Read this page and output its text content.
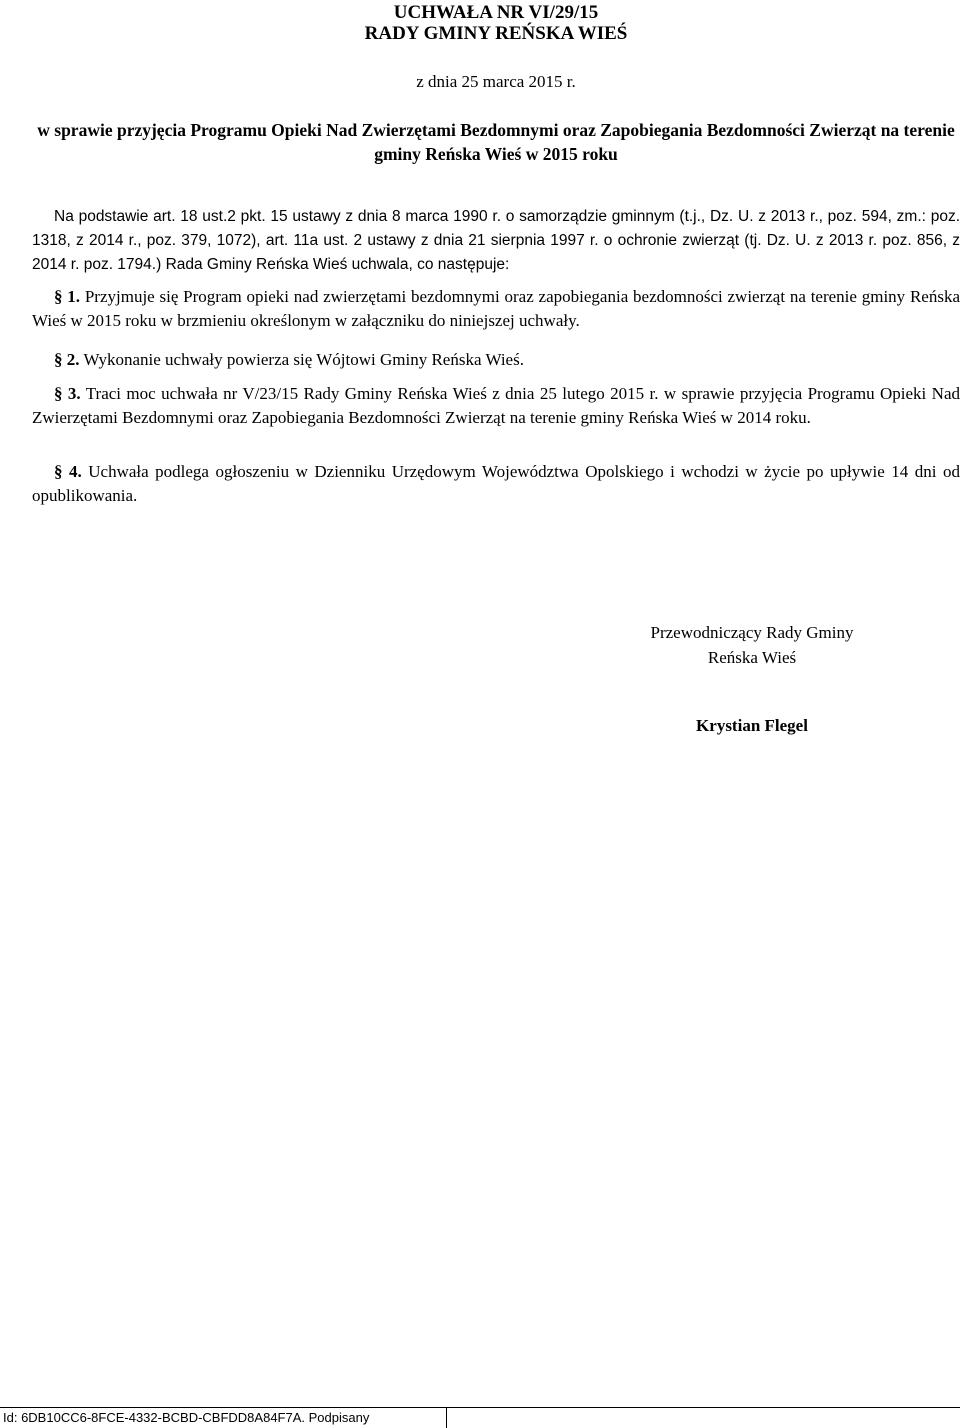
UCHWAŁA NR VI/29/15
RADY GMINY REŃSKA WIEŚ
z dnia 25 marca 2015 r.
w sprawie przyjęcia Programu Opieki Nad Zwierzętami Bezdomnymi oraz Zapobiegania Bezdomności Zwierząt na terenie gminy Reńska Wieś w 2015 roku
Na podstawie art. 18 ust.2 pkt. 15 ustawy z dnia 8 marca 1990 r. o samorządzie gminnym (t.j., Dz. U. z 2013 r., poz. 594, zm.: poz. 1318, z 2014 r., poz. 379, 1072), art. 11a ust. 2 ustawy z dnia 21 sierpnia 1997 r. o ochronie zwierząt (tj. Dz. U. z 2013 r. poz. 856, z 2014 r. poz. 1794.) Rada Gminy Reńska Wieś uchwala, co następuje:
§ 1. Przyjmuje się Program opieki nad zwierzętami bezdomnymi oraz zapobiegania bezdomności zwierząt na terenie gminy Reńska Wieś w 2015 roku w brzmieniu określonym w załączniku do niniejszej uchwały.
§ 2. Wykonanie uchwały powierza się Wójtowi Gminy Reńska Wieś.
§ 3. Traci moc uchwała nr V/23/15 Rady Gminy Reńska Wieś z dnia 25 lutego 2015 r. w sprawie przyjęcia Programu Opieki Nad Zwierzętami Bezdomnymi oraz Zapobiegania Bezdomności Zwierząt na terenie gminy Reńska Wieś w 2014 roku.
§ 4. Uchwała podlega ogłoszeniu w Dzienniku Urzędowym Województwa Opolskiego i wchodzi w życie po upływie 14 dni od opublikowania.
Przewodniczący Rady Gminy
Reńska Wieś
Krystian Flegel
Id: 6DB10CC6-8FCE-4332-BCBD-CBFDD8A84F7A. Podpisany
